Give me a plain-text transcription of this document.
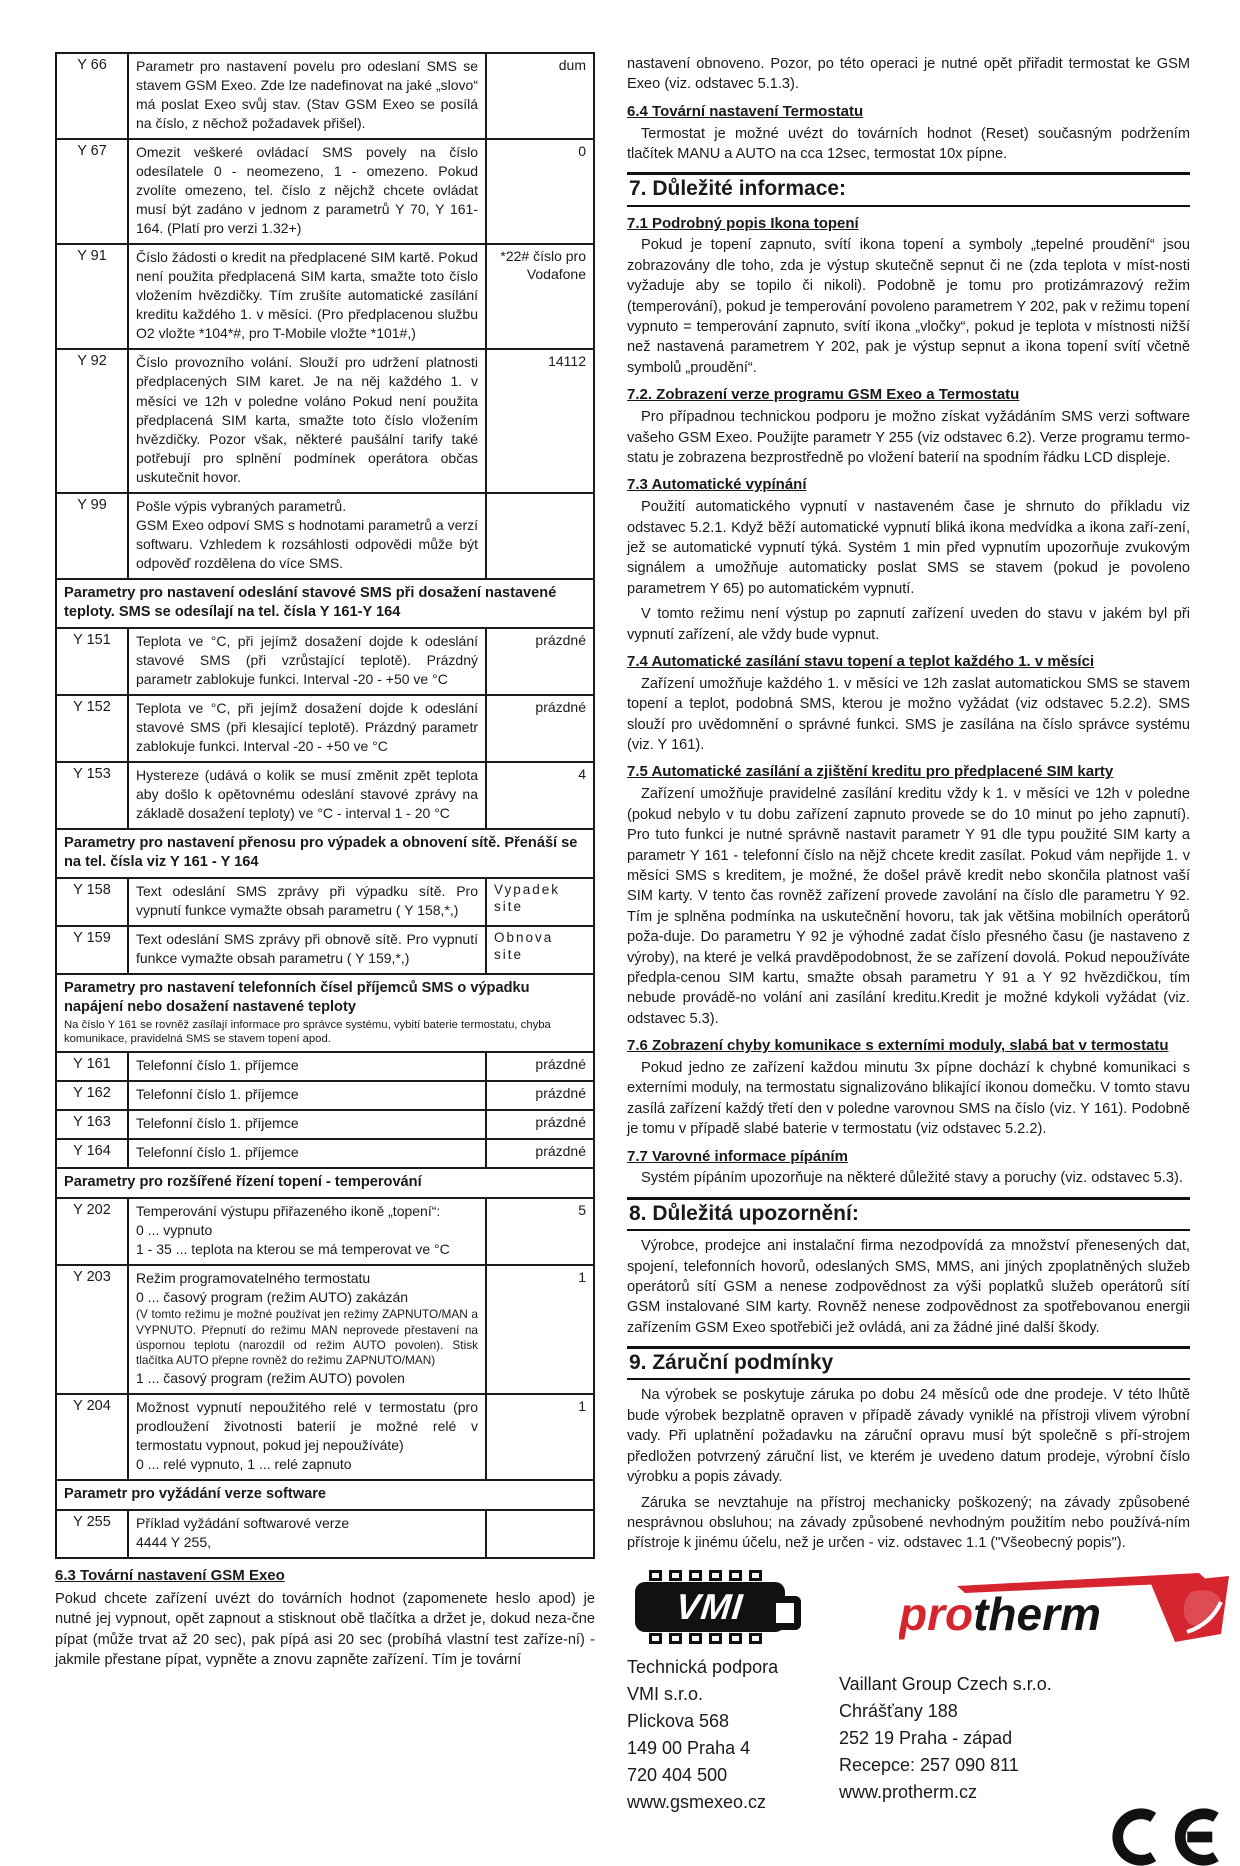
Y 66	Parametr pro nastavení povelu pro odeslaní SMS se stavem GSM Exeo. Zde lze nadefinovat na jaké „slovo“ má poslat Exeo svůj stav. (Stav GSM Exeo se posílá na číslo, z něchož požadavek přišel).	dum
Y 67	Omezit veškeré ovládací SMS povely na číslo odesílatele 0 - neomezeno, 1 - omezeno. Pokud zvolíte omezeno, tel. číslo z nějchž chcete ovládat musí být zadáno v jednom z parametrů Y 70, Y 161-164. (Platí pro verzi 1.32+)	0
Y 91	Číslo žádosti o kredit na předplacené SIM kartě. Pokud není použita předplacená SIM karta, smažte toto číslo vložením hvězdičky. Tím zrušíte automatické zasílání kreditu každého 1. v měsíci. (Pro předplacenou službu O2 vložte *104*#, pro T-Mobile vložte *101#,)	*22# číslo pro Vodafone
Y 92	Číslo provozního volání. Slouží pro udržení platnosti předplacených SIM karet. Je na něj každého 1. v měsíci ve 12h v poledne voláno Pokud není použita předplacená SIM karta, smažte toto číslo vložením hvězdičky. Pozor však, některé paušální tarify také potřebují pro splnění podmínek operátora občas uskutečnit hovor.	14112
Y 99	Pošle výpis vybraných parametrů.
GSM Exeo odpoví SMS s hodnotami parametrů a verzí softwaru. Vzhledem k rozsáhlosti odpovědi může být odpověď rozdělena do více SMS.	

Parametry pro nastavení odeslání stavové SMS při dosažení nastavené teploty. SMS se odesílají na tel. čísla Y 161-Y 164		

Y 151	Teplota ve °C, při jejímž dosažení dojde k odeslání stavové SMS (při vzrůstající teplotě). Prázdný parametr zablokuje funkci. Interval -20 - +50 ve °C	prázdné
Y 152	Teplota ve °C, při jejímž dosažení dojde k odeslání stavové SMS (při klesající teplotě). Prázdný parametr zablokuje funkci. Interval -20 - +50 ve °C	prázdné
Y 153	Hystereze (udává o kolik se musí změnit zpět teplota aby došlo k opětovnému odeslání stavové zprávy na základě dosažení teploty) ve °C - interval 1 - 20 °C	4

Parametry pro nastavení přenosu pro výpadek a obnovení sítě. Přenáší se na tel. čísla viz Y 161 - Y 164		

Y 158	Text odeslání SMS zprávy při výpadku sítě. Pro vypnutí funkce vymažte obsah parametru ( Y 158,*,)	Vypadek site
Y 159	Text odeslání SMS zprávy při obnově sítě. Pro vypnutí funkce vymažte obsah parametru ( Y 159,*,)	Obnova site

Parametry pro nastavení telefonních čísel příjemců SMS o výpadku napájení nebo dosažení nastavené teploty
Na číslo Y 161 se rovněž zasílají informace pro správce systému, vybití baterie termostatu, chyba komunikace, pravidelná SMS se stavem topení apod.		

Y 161	Telefonní číslo 1. příjemce	prázdné
Y 162	Telefonní číslo 1. příjemce	prázdné
Y 163	Telefonní číslo 1. příjemce	prázdné
Y 164	Telefonní číslo 1. příjemce	prázdné

Parametry pro rozšířené řízení topení - temperování		

Y 202	Temperování výstupu přiřazeného ikoně „topení“:
0 ... vypnuto
1 - 35 ... teplota na kterou se má temperovat ve °C	5
Y 203	Režim programovatelného termostatu
0 ... časový program (režim AUTO) zakázán
(V tomto režimu je možné používat jen režimy ZAPNUTO/MAN a VYPNUTO. Přepnutí do režimu MAN neprovede přestavení na úspornou teplotu (narozdíl od režim AUTO povolen). Stisk tlačítka AUTO přepne rovněž do režimu ZAPNUTO/MAN)
1 ... časový program (režim AUTO) povolen	1
Y 204	Možnost vypnutí nepoužitého relé v termostatu (pro prodloužení životnosti baterií je možné relé v termostatu vypnout, pokud jej nepoužíváte)
0 ... relé vypnuto, 1 ... relé zapnuto	1

Parametr pro vyžádání verze software		

Y 255	Příklad vyžádání softwarové verze
4444 Y 255,	

6.3 Tovární nastavení GSM Exeo

Pokud chcete zařízení uvézt do továrních hodnot (zapomenete heslo apod) je nutné jej vypnout, opět zapnout a stisknout obě tlačítka a držet je, dokud neza-čne pípat (může trvat až 20 sec), pak pípá asi 20 sec (probíhá vlastní test zaříze-ní) - jakmile přestane pípat, vypněte a znovu zapněte zařízení. Tím je tovární

nastavení obnoveno. Pozor, po této operaci je nutné opět přiřadit termostat ke GSM Exeo (viz. odstavec 5.1.3).

6.4 Tovární nastavení Termostatu

Termostat je možné uvézt do továrních hodnot (Reset) současným podržením tlačítek MANU a AUTO na cca 12sec, termostat 10x pípne.

7. Důležité informace:
7.1 Podrobný popis Ikona topení

Pokud je topení zapnuto, svítí ikona topení a symboly „tepelné proudění“ jsou zobrazovány dle toho, zda je výstup skutečně sepnut či ne (zda teplota v míst-nosti vyžaduje aby se topilo či nikoli). Podobně je tomu pro protizámrazový režim (temperování), pokud je temperování povoleno parametrem Y 202, pak v režimu topení vypnuto = temperování zapnuto, svítí ikona „vločky“, pokud je teplota v místnosti nižší než nastavená parametrem Y 202, pak je výstup sepnut a ikona topení svítí včetně symbolů „proudění“.

7.2. Zobrazení verze programu GSM Exeo a Termostatu

Pro případnou technickou podporu je možno získat vyžádáním SMS verzi software vašeho GSM Exeo. Použijte parametr Y 255 (viz odstavec 6.2). Verze programu termo-statu je zobrazena bezprostředně po vložení baterií na spodním řádku LCD displeje.

7.3 Automatické vypínání

Použití automatického vypnutí v nastaveném čase je shrnuto do příkladu viz odstavec 5.2.1. Když běží automatické vypnutí bliká ikona medvídka a ikona zaří-zení, jež se automatické vypnutí týká. Systém 1 min před vypnutím upozorňuje zvukovým signálem a umožňuje automaticky poslat SMS se stavem (pokud je povoleno parametrem Y 65) po automatickém vypnutí.

V tomto režimu není výstup po zapnutí zařízení uveden do stavu v jakém byl při vypnutí zařízení, ale vždy bude vypnut.

7.4 Automatické zasílání stavu topení a teplot každého 1. v měsíci

Zařízení umožňuje každého 1. v měsíci ve 12h zaslat automatickou SMS se stavem topení a teplot, podobná SMS, kterou je možno vyžádat (viz odstavec 5.2.2). SMS slouží pro uvědomnění o správné funkci. SMS je zasílána na číslo správce systému (viz. Y 161).

7.5 Automatické zasílání a zjištění kreditu pro předplacené SIM karty

Zařízení umožňuje pravidelné zasílání kreditu vždy k 1. v měsíci ve 12h v poledne (pokud nebylo v tu dobu zařízení zapnuto provede se do 10 minut po jeho zapnutí). Pro tuto funkci je nutné správně nastavit parametr Y 91 dle typu použité SIM karty a parametr Y 161 - telefonní číslo na nějž chcete kredit zasílat. Pokud vám nepřijde 1. v měsíci SMS s kreditem, je možné, že došel právě kredit nebo skončila platnost vaší SIM karty. V tento čas rovněž zařízení provede zavolání na číslo dle parametru Y 92. Tím je splněna podmínka na uskutečnění hovoru, tak jak většina mobilních operátorů poža-duje. Do parametru Y 92 je výhodné zadat číslo přesného času (je nastaveno z výroby), na které je velká pravděpodobnost, že se zařízení dovolá. Pokud nepoužíváte předpla-cenou SIM kartu, smažte obsah parametru Y 91 a Y 92 hvězdičkou, tím nebude provádě-no volání ani zasílání kreditu.Kredit je možné kdykoli vyžádat (viz. odstavec 5.3).

7.6 Zobrazení chyby komunikace s externími moduly, slabá bat v termostatu

Pokud jedno ze zařízení každou minutu 3x pípne dochází k chybné komunikaci s externími moduly, na termostatu signalizováno blikající ikonou domečku. V tomto stavu zasílá zařízení každý třetí den v poledne varovnou SMS na číslo (viz. Y 161). Podobně je tomu v případě slabé baterie v termostatu (viz odstavec 5.2.2).

7.7 Varovné informace pípáním

Systém pípáním upozorňuje na některé důležité stavy a poruchy (viz. odstavec 5.3).

8. Důležitá upozornění:

Výrobce, prodejce ani instalační firma nezodpovídá za množství přenesených dat, spojení, telefonních hovorů, odeslaných SMS, MMS, ani jiných zpoplatněných služeb operátorů sítí GSM a nenese zodpovědnost za výši poplatků služeb operátorů sítí GSM instalované SIM karty. Rovněž nenese zodpovědnost za spotřebovanou energii zařízením GSM Exeo spotřebiči jež ovládá, ani za žádné jiné další škody.

9. Záruční podmínky

Na výrobek se poskytuje záruka po dobu 24 měsíců ode dne prodeje. V této lhůtě bude výrobek bezplatně opraven v případě závady vyniklé na přístroji vlivem výrobní vady. Při uplatnění požadavku na záruční opravu musí být společně s pří-strojem předložen potvrzený záruční list, ve kterém je uvedeno datum prodeje, výrobní číslo výrobku a popis závady.

Záruka se nevztahuje na přístroj mechanicky poškozený; na závady způsobené nesprávnou obsluhou; na závady způsobené nevhodným použitím nebo používá-ním přístroje k jinému účelu, než je určen - viz. odstavec 1.1 ("Všeobecný popis").

VMI
Technická podpora
VMI s.r.o.
Plickova 568
149 00 Praha 4
720 404 500
www.gsmexeo.cz
protherm
Vaillant Group Czech s.r.o.
Chrášťany 188
252 19 Praha - západ
Recepce: 257 090 811
www.protherm.cz
